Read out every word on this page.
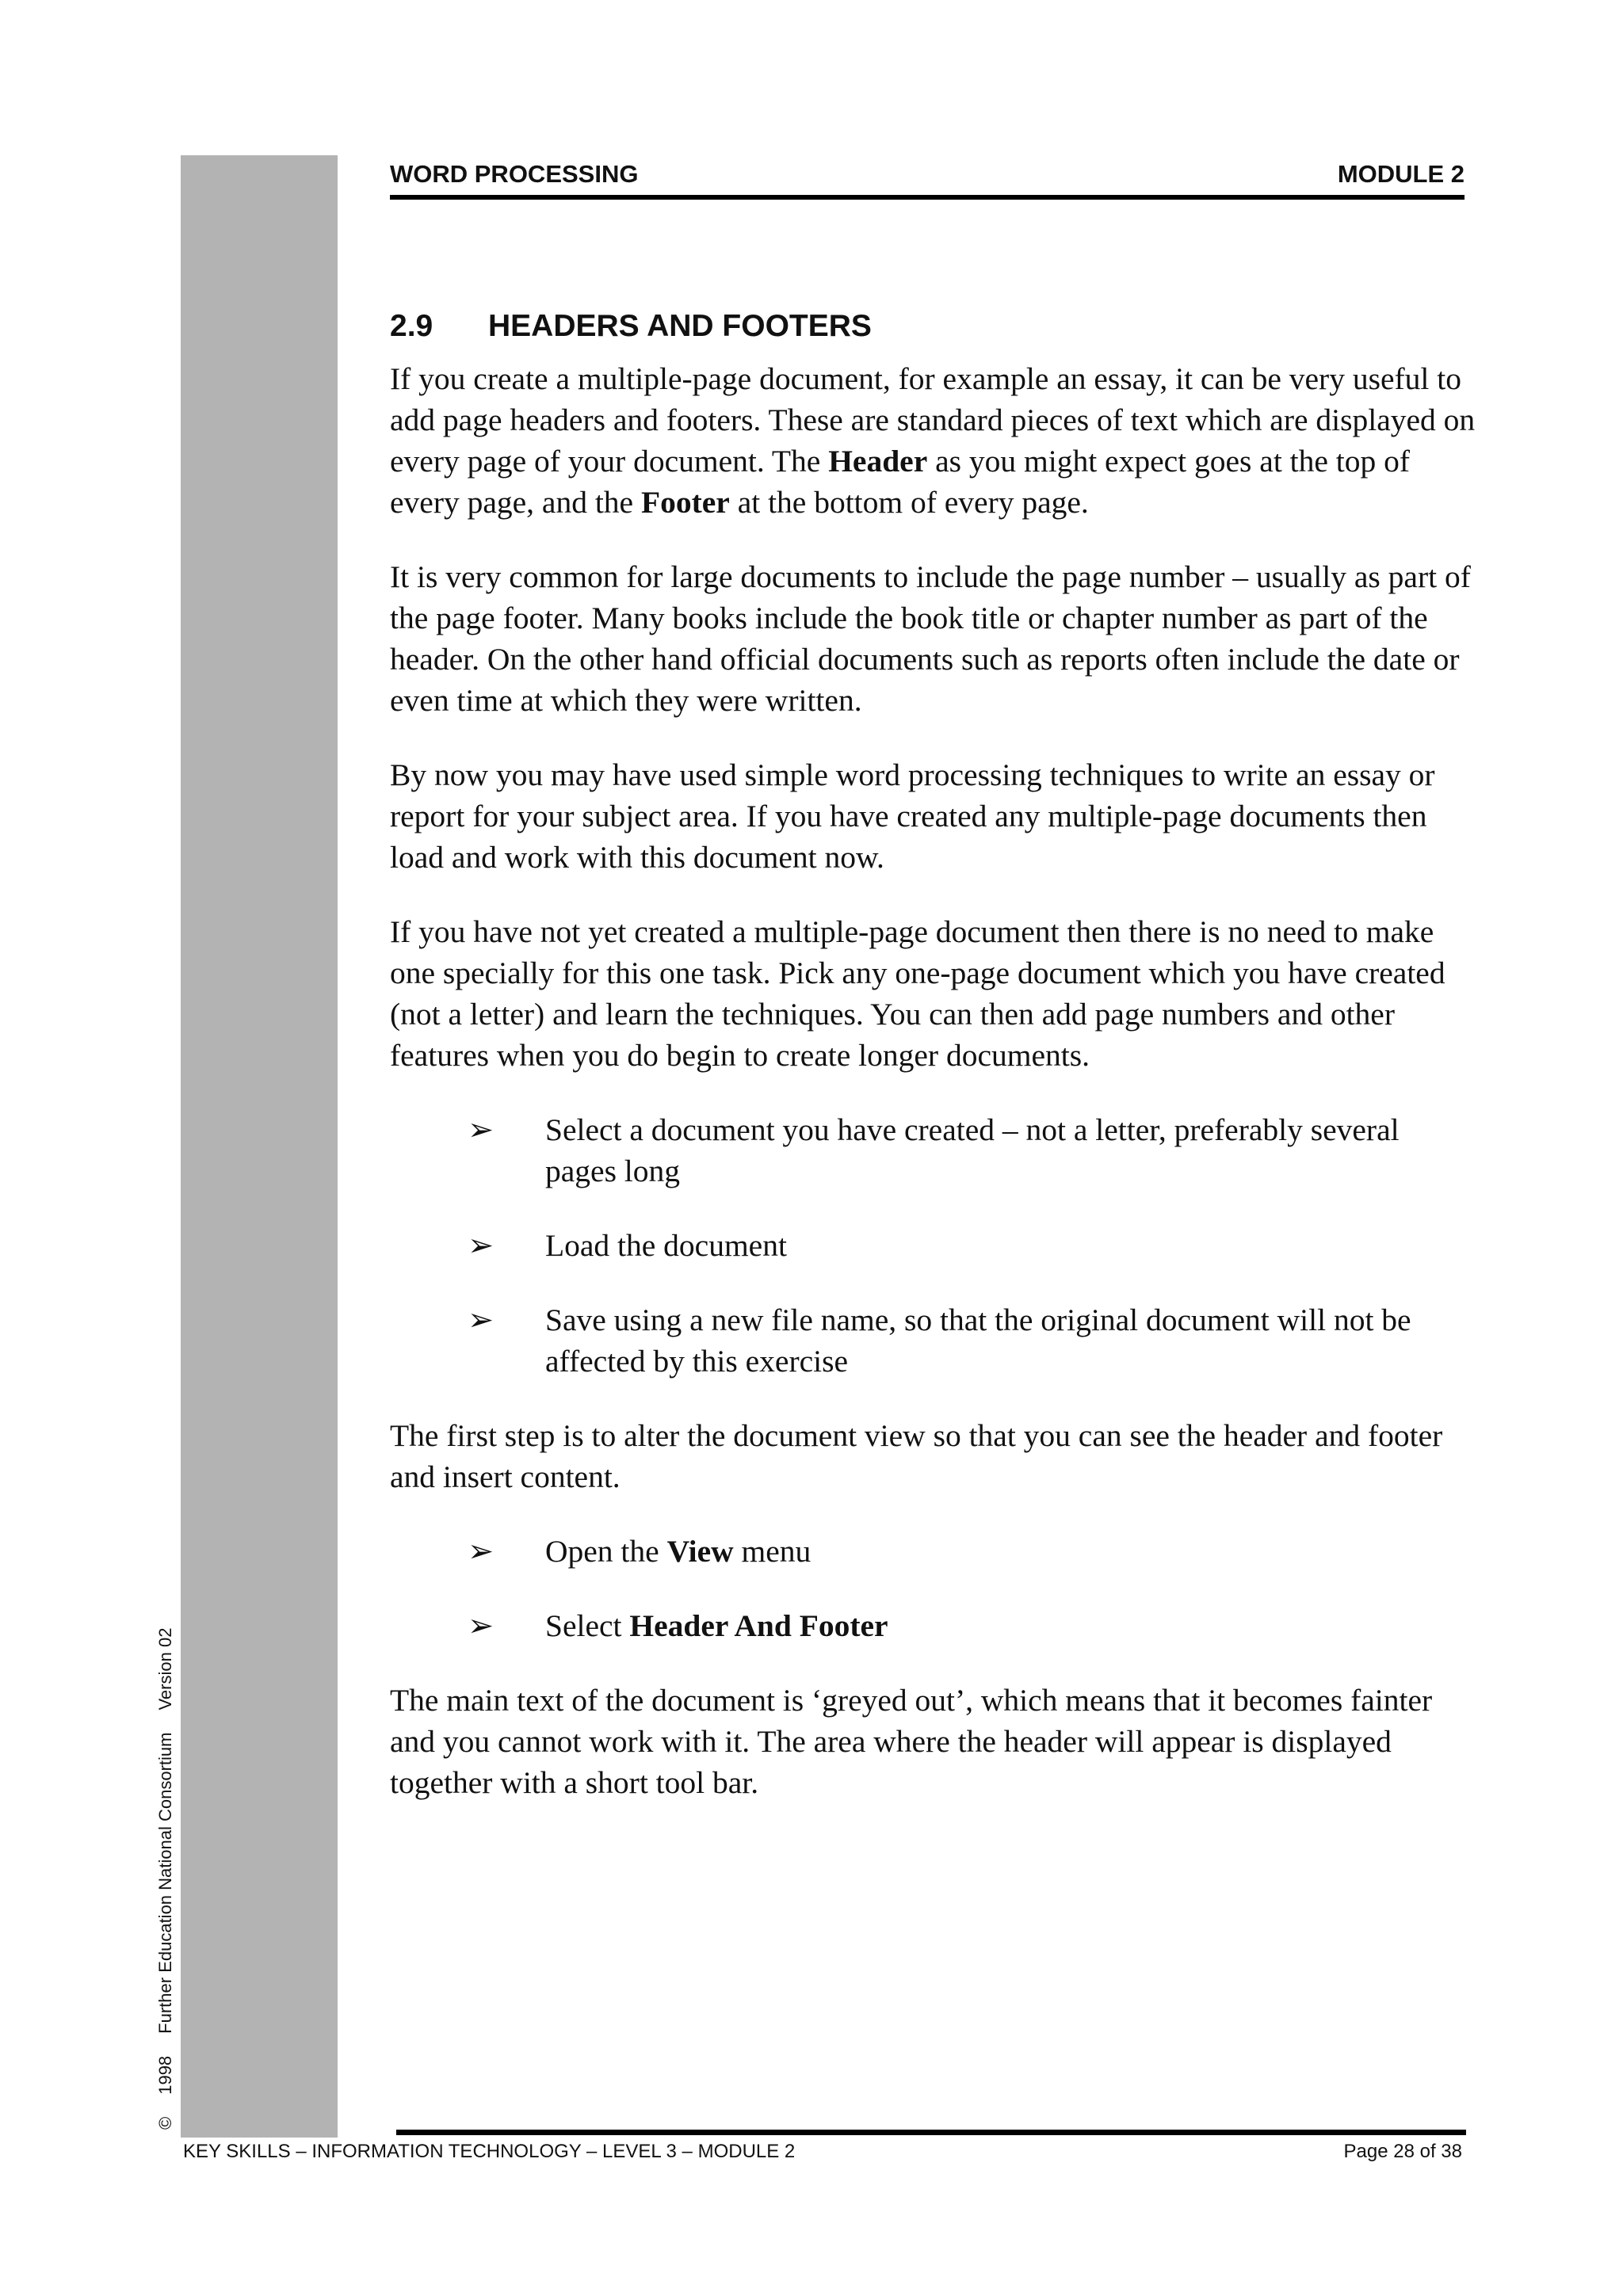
©1998Further Education National ConsortiumVersion 02
WORD PROCESSING	MODULE 2
2.9 HEADERS AND FOOTERS

If you create a multiple-page document, for example an essay, it can be very useful to add page headers and footers. These are standard pieces of text which are displayed on every page of your document. The Header as you might expect goes at the top of every page, and the Footer at the bottom of every page.

It is very common for large documents to include the page number – usually as part of the page footer. Many books include the book title or chapter number as part of the header. On the other hand official documents such as reports often include the date or even time at which they were written.

By now you may have used simple word processing techniques to write an essay or report for your subject area. If you have created any multiple-page documents then load and work with this document now.

If you have not yet created a multiple-page document then there is no need to make one specially for this one task. Pick any one-page document which you have created (not a letter) and learn the techniques. You can then add page numbers and other features when you do begin to create longer documents.

➢	Select a document you have created – not a letter, preferably several pages long
➢	Load the document
➢	Save using a new file name, so that the original document will not be affected by this exercise

The first step is to alter the document view so that you can see the header and footer and insert content.

➢	Open the View menu
➢	Select Header And Footer

The main text of the document is ‘greyed out’, which means that it becomes fainter and you cannot work with it. The area where the header will appear is displayed together with a short tool bar.

KEY SKILLS – INFORMATION TECHNOLOGY – LEVEL 3 – MODULE 2	Page 28 of 38
